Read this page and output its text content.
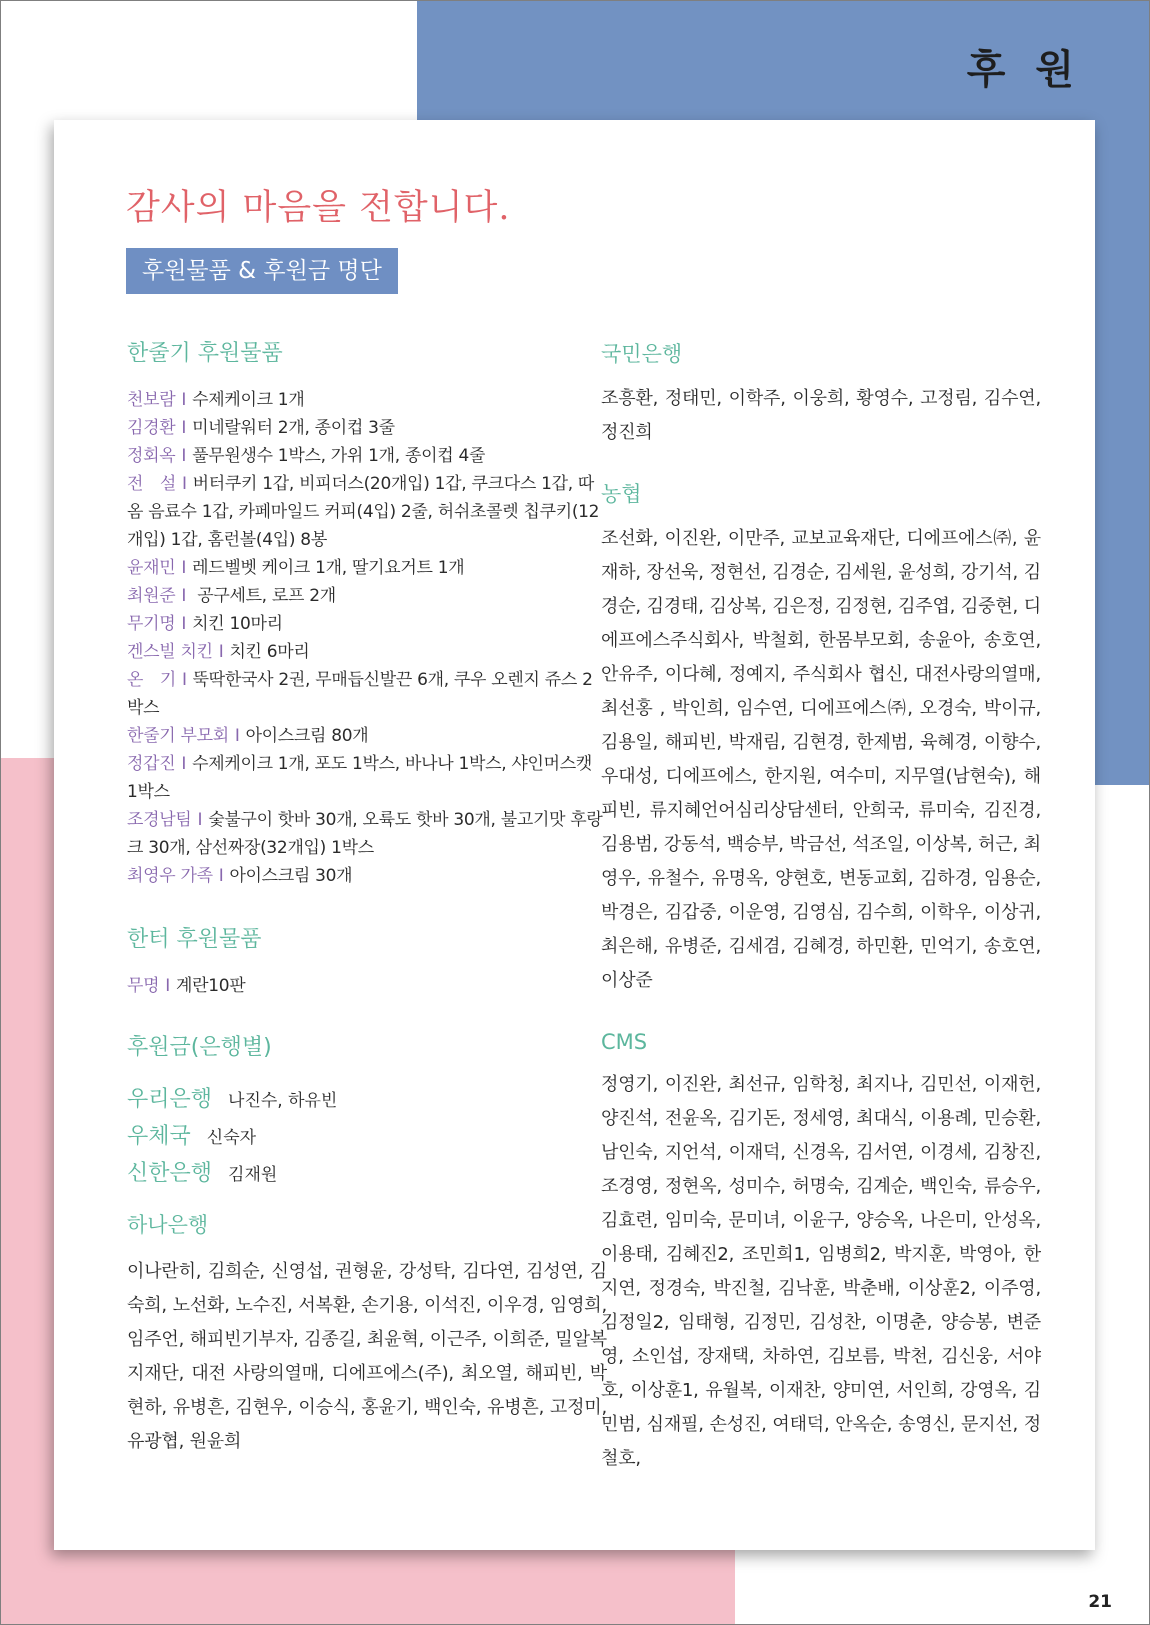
후 원
감사의 마음을 전합니다.
후원물품 & 후원금 명단
한줄기 후원물품

천보람 I 수제케이크 1개

김경환 I 미네랄워터 2개, 종이컵 3줄

정회옥 I 풀무원생수 1박스, 가위 1개, 종이컵 4줄

전　설 I 버터쿠키 1갑, 비피더스(20개입) 1갑, 쿠크다스 1갑, 따옴 음료수 1갑, 카페마일드 커피(4입) 2줄, 허쉬초콜렛 칩쿠키(12개입) 1갑, 홈런볼(4입) 8봉

윤재민 I 레드벨벳 케이크 1개, 딸기요거트 1개

최원준 I 공구세트, 로프 2개

무기명 I 치킨 10마리

겐스빌 치킨 I 치킨 6마리

온　기 I 뚝딱한국사 2권, 무매듭신발끈 6개, 쿠우 오렌지 쥬스 2박스

한줄기 부모회 I 아이스크림 80개

정갑진 I 수제케이크 1개, 포도 1박스, 바나나 1박스, 샤인머스캣 1박스

조경남팀 I 숯불구이 핫바 30개, 오륙도 핫바 30개, 불고기맛 후랑크 30개, 삼선짜장(32개입) 1박스

최영우 가족 I 아이스크림 30개

한터 후원물품

무명 I 계란10판

후원금(은행별)
우리은행 나진수, 하유빈
우체국 신숙자
신한은행 김재원
하나은행

이나란히, 김희순, 신영섭, 권형윤, 강성탁, 김다연, 김성연, 김숙희, 노선화, 노수진, 서복환, 손기용, 이석진, 이우경, 임영희, 임주언, 해피빈기부자, 김종길, 최윤혁, 이근주, 이희준, 밀알복지재단, 대전 사랑의열매, 디에프에스(주), 최오열, 해피빈, 박현하, 유병흔, 김현우, 이승식, 홍윤기, 백인숙, 유병흔, 고정미, 유광협, 원윤희

국민은행

조흥환, 정태민, 이학주, 이웅희, 황영수, 고정림, 김수연, 정진희

농협

조선화, 이진완, 이만주, 교보교육재단, 디에프에스㈜, 윤재하, 장선욱, 정현선, 김경순, 김세원, 윤성희, 강기석, 김경순, 김경태, 김상복, 김은정, 김정현, 김주엽, 김중현, 디에프에스주식회사, 박철회, 한몸부모회, 송윤아, 송호연, 안유주, 이다혜, 정예지, 주식회사 협신, 대전사랑의열매, 최선홍 , 박인희, 임수연, 디에프에스㈜, 오경숙, 박이규, 김용일, 해피빈, 박재림, 김현경, 한제범, 육혜경, 이향수, 우대성, 디에프에스, 한지원, 여수미, 지무열(남현숙), 해피빈, 류지혜언어심리상담센터, 안희국, 류미숙, 김진경, 김용범, 강동석, 백승부, 박금선, 석조일, 이상복, 허근, 최영우, 유철수, 유명옥, 양현호, 변동교회, 김하경, 임용순, 박경은, 김갑중, 이운영, 김영심, 김수희, 이학우, 이상귀, 최은해, 유병준, 김세겸, 김혜경, 하민환, 민억기, 송호연, 이상준

CMS

정영기, 이진완, 최선규, 임학청, 최지나, 김민선, 이재헌, 양진석, 전윤옥, 김기돈, 정세영, 최대식, 이용례, 민승환, 남인숙, 지언석, 이재덕, 신경옥, 김서연, 이경세, 김창진, 조경영, 정현옥, 성미수, 허명숙, 김계순, 백인숙, 류승우, 김효련, 임미숙, 문미녀, 이윤구, 양승옥, 나은미, 안성옥, 이용태, 김혜진2, 조민희1, 임병희2, 박지훈, 박영아, 한지연, 정경숙, 박진철, 김낙훈, 박춘배, 이상훈2, 이주영, 김정일2, 임태형, 김정민, 김성찬, 이명춘, 양승봉, 변준영, 소인섭, 장재택, 차하연, 김보름, 박천, 김신웅, 서야호, 이상훈1, 유월복, 이재찬, 양미연, 서인희, 강영옥, 김민범, 심재필, 손성진, 여태덕, 안옥순, 송영신, 문지선, 정철호,

21
